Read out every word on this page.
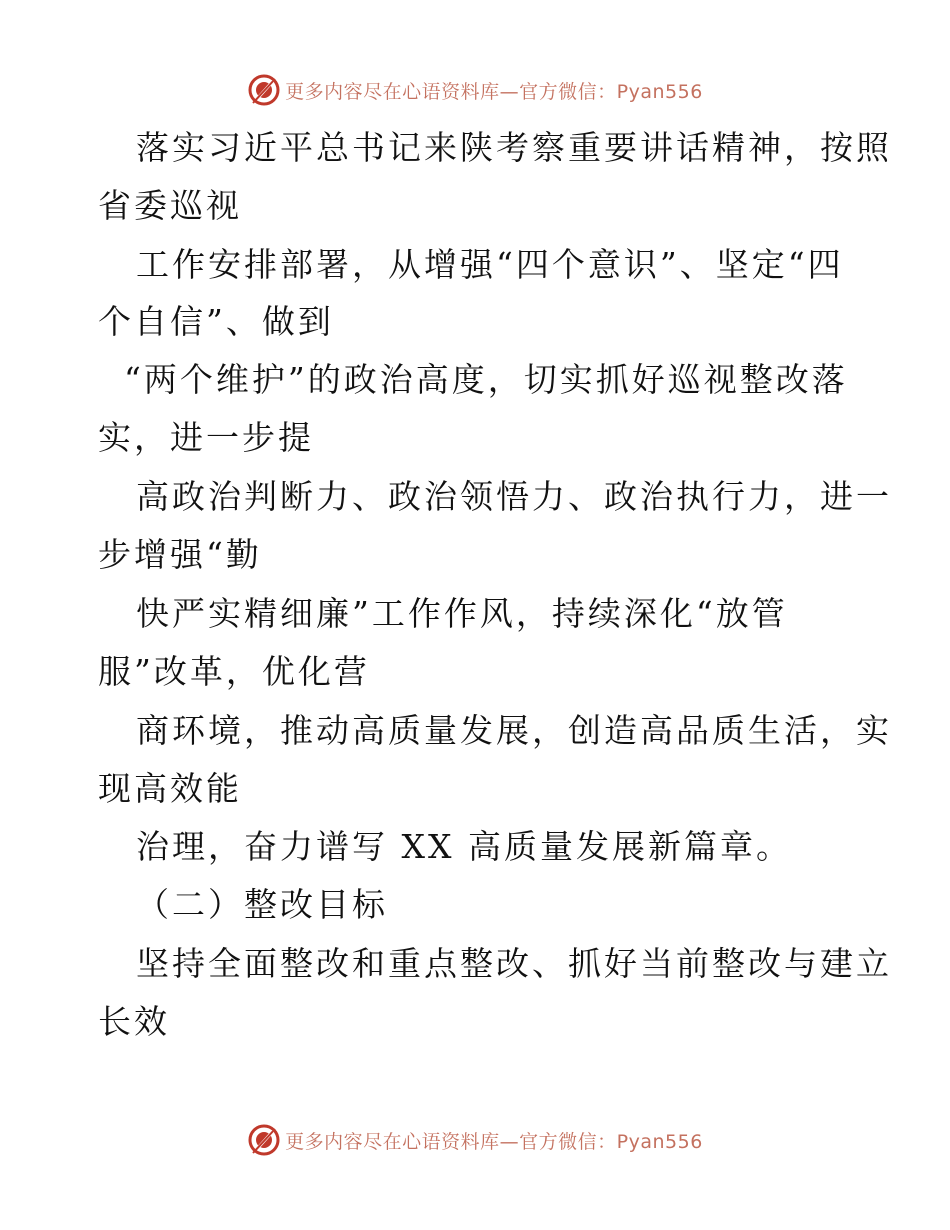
更多内容尽在心语资料库—官方微信：Pyan556
落实习近平总书记来陕考察重要讲话精神，按照
省委巡视
工作安排部署，从增强“四个意识”、坚定“四
个自信”、做到
“两个维护”的政治高度，切实抓好巡视整改落
实，进一步提
高政治判断力、政治领悟力、政治执行力，进一
步增强“勤
快严实精细廉”工作作风，持续深化“放管
服”改革，优化营
商环境，推动高质量发展，创造高品质生活，实
现高效能
治理，奋力谱写 XX 高质量发展新篇章。
（二）整改目标
坚持全面整改和重点整改、抓好当前整改与建立
长效
更多内容尽在心语资料库—官方微信：Pyan556
